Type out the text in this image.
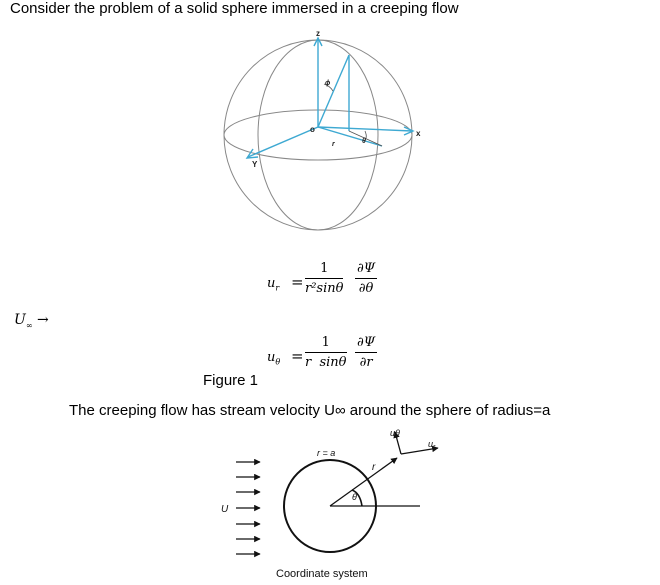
Consider the problem of a solid sphere immersed in a creeping flow
z
x
Y
o
ϕ
θ
r
$u_r$ =
1
r²sinθ
∂Ψ
∂θ
$U_\infty$ →
$u_\theta$ =
1
r  sinθ
∂Ψ
∂r
Figure 1
The creeping flow has stream velocity U∞ around the sphere of radius=a
U
r = a
r
θ
uθ
$u_r$
Coordinate system
